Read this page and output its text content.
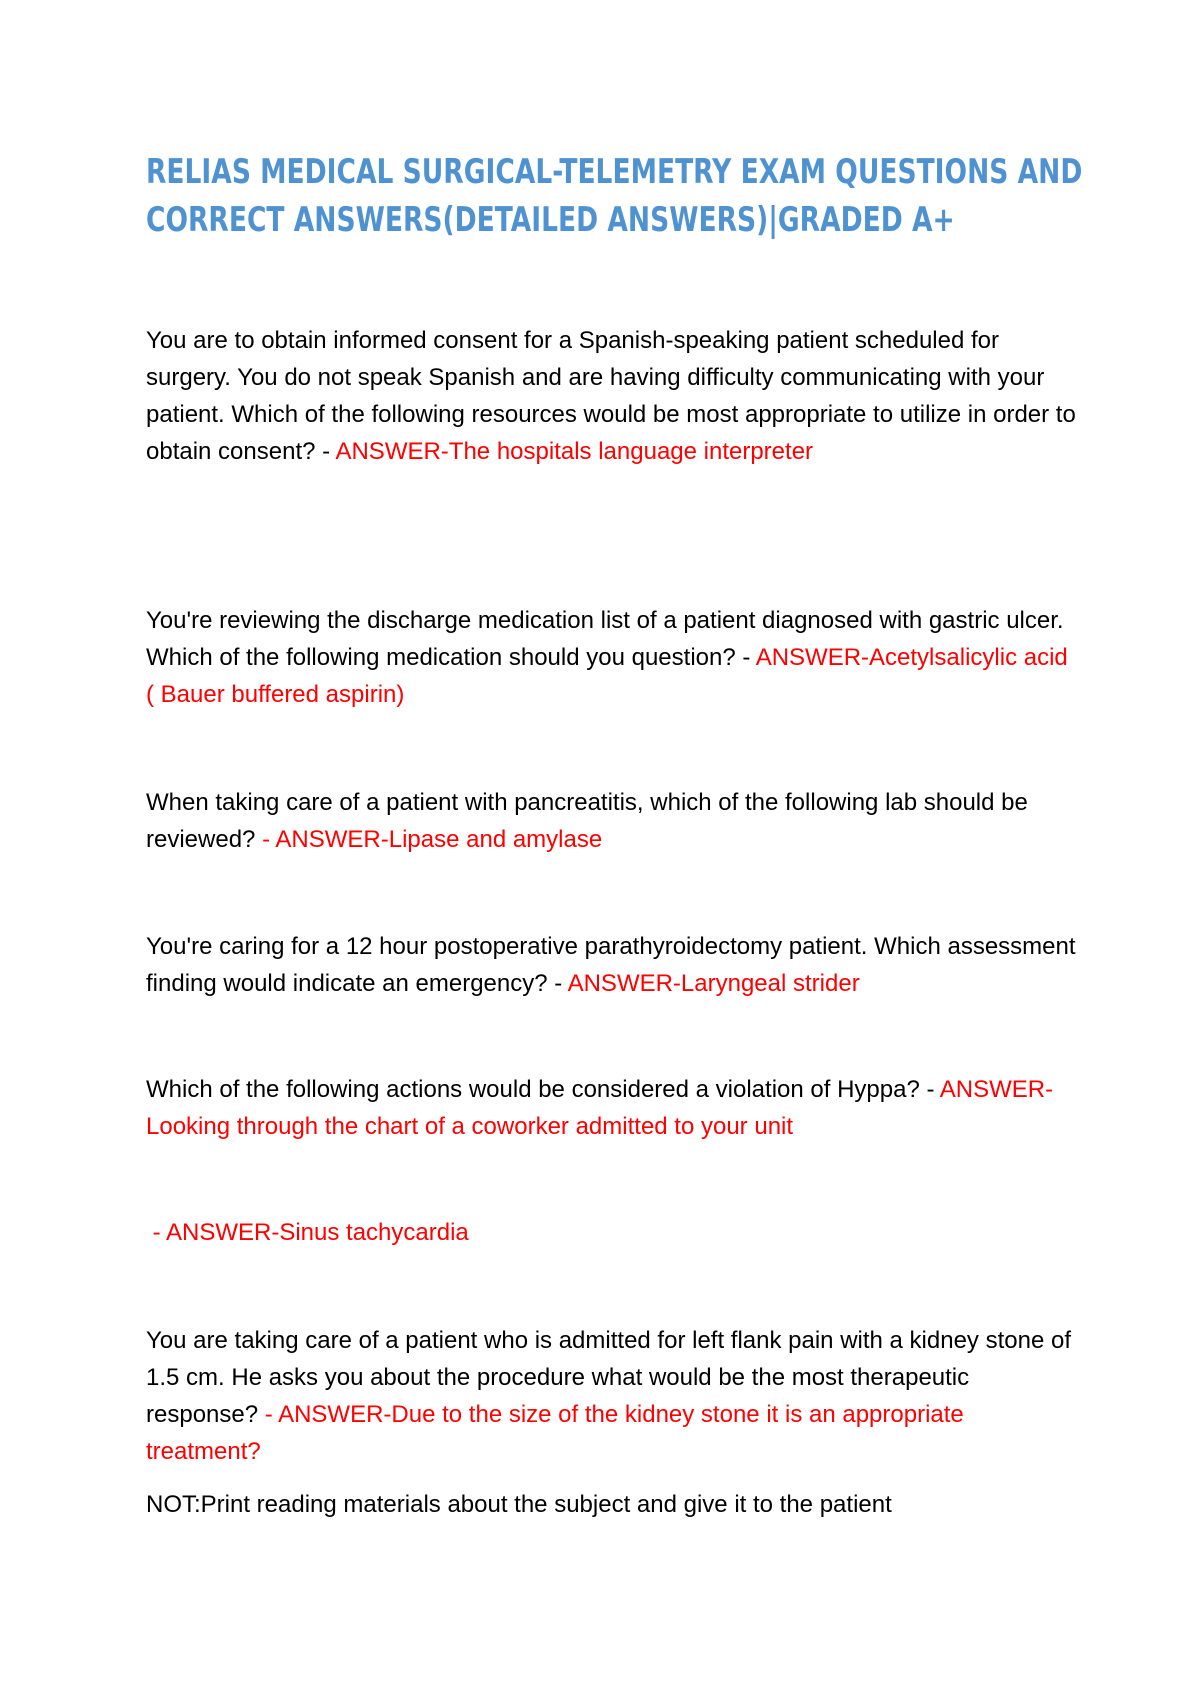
RELIAS MEDICAL SURGICAL-TELEMETRY EXAM QUESTIONS AND
CORRECT ANSWERS(DETAILED ANSWERS)|GRADED A+

You are to obtain informed consent for a Spanish-speaking patient scheduled for surgery. You do not speak Spanish and are having difficulty communicating with your patient. Which of the following resources would be most appropriate to utilize in order to obtain consent? - ANSWER-The hospitals language interpreter

You're reviewing the discharge medication list of a patient diagnosed with gastric ulcer. Which of the following medication should you question? - ANSWER-Acetylsalicylic acid ( Bauer buffered aspirin)

When taking care of a patient with pancreatitis, which of the following lab should be reviewed? - ANSWER-Lipase and amylase

You're caring for a 12 hour postoperative parathyroidectomy patient. Which assessment finding would indicate an emergency? - ANSWER-Laryngeal strider

Which of the following actions would be considered a violation of Hyppa? - ANSWER-Looking through the chart of a coworker admitted to your unit

- ANSWER-Sinus tachycardia

You are taking care of a patient who is admitted for left flank pain with a kidney stone of 1.5 cm. He asks you about the procedure what would be the most therapeutic response? - ANSWER-Due to the size of the kidney stone it is an appropriate treatment?

NOT:Print reading materials about the subject and give it to the patient
